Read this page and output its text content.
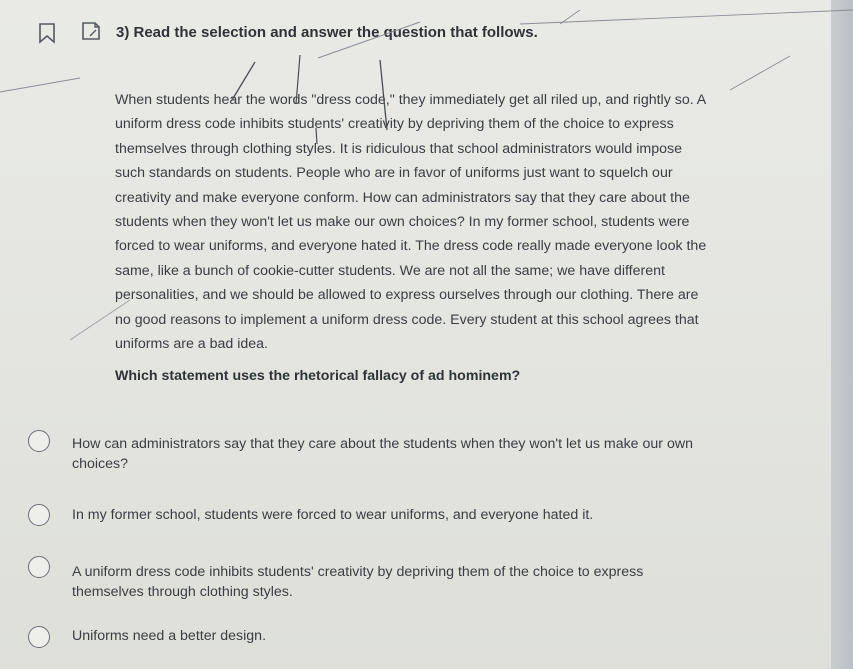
3) Read the selection and answer the question that follows.
When students hear the words "dress code," they immediately get all riled up, and rightly so. A
uniform dress code inhibits students' creativity by depriving them of the choice to express
themselves through clothing styles. It is ridiculous that school administrators would impose
such standards on students. People who are in favor of uniforms just want to squelch our
creativity and make everyone conform. How can administrators say that they care about the
students when they won't let us make our own choices? In my former school, students were
forced to wear uniforms, and everyone hated it. The dress code really made everyone look the
same, like a bunch of cookie-cutter students. We are not all the same; we have different
personalities, and we should be allowed to express ourselves through our clothing. There are
no good reasons to implement a uniform dress code. Every student at this school agrees that
uniforms are a bad idea.
Which statement uses the rhetorical fallacy of ad hominem?
How can administrators say that they care about the students when they won't let us make our own
choices?
In my former school, students were forced to wear uniforms, and everyone hated it.
A uniform dress code inhibits students' creativity by depriving them of the choice to express
themselves through clothing styles.
Uniforms need a better design.
